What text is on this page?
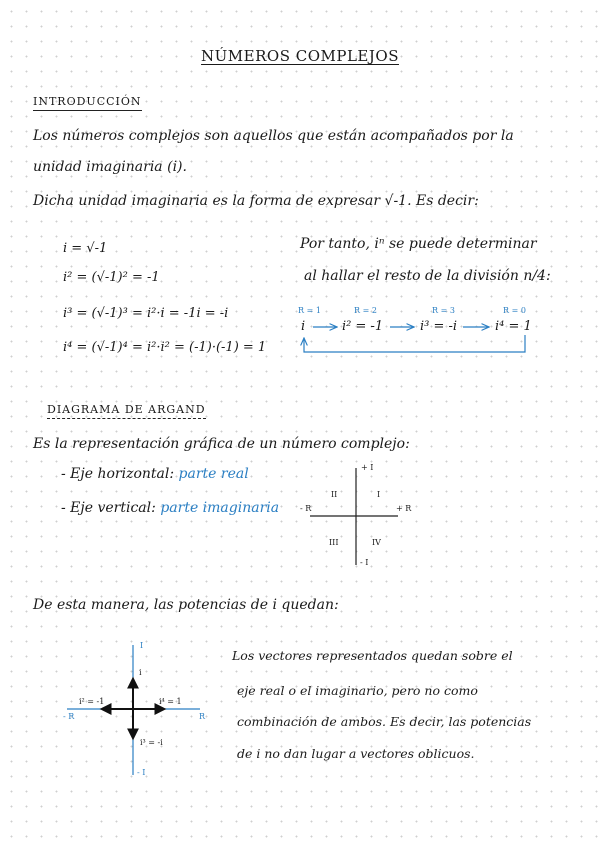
NÚMEROS COMPLEJOS
INTRODUCCIÓN
Los números complejos son aquellos que están acompañados por la
unidad imaginaria (i).
Dicha unidad imaginaria es la forma de expresar √-1. Es decir:
i = √-1
i² = (√-1)² = -1
i³ = (√-1)³ = i²·i = -1i = -i
i⁴ = (√-1)⁴ = i²·i² = (-1)·(-1) = 1
Por tanto, iⁿ se puede determinar
al hallar el resto de la división n/4:
R = 1	R = 2	R = 3	R = 0
i	i² = -1	i³ = -i	i⁴ = 1
DIAGRAMA DE ARGAND
Es la representación gráfica de un número complejo:
- Eje horizontal: parte real
- Eje vertical: parte imaginaria
+ I
- I
- R	+ R
I
II
III	IV
De esta manera, las potencias de i quedan:
I
- I
- R	R
i
i² = -1
i³ = -i
i⁴ = 1
Los vectores representados quedan sobre el
eje real o el imaginario, pero no como
combinación de ambos. Es decir, las potencias
de i no dan lugar a vectores oblicuos.
